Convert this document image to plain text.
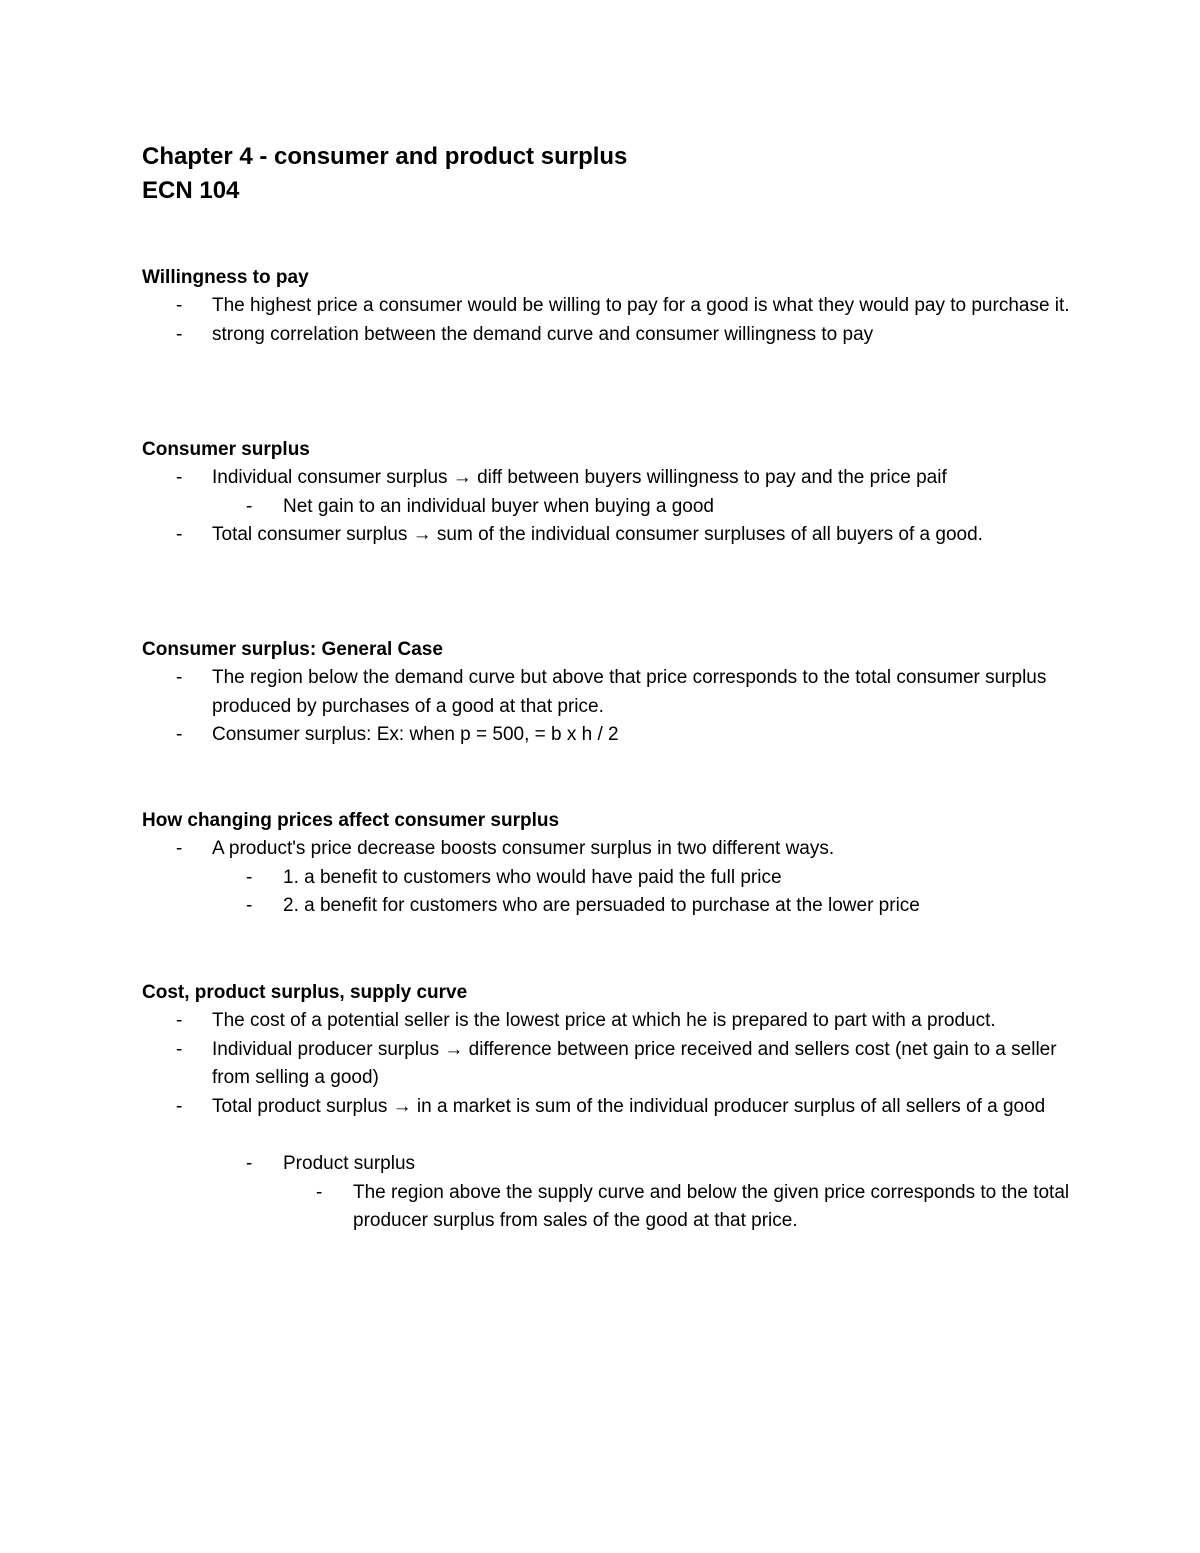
Chapter 4 - consumer and product surplus
ECN 104
Willingness to pay
- The highest price a consumer would be willing to pay for a good is what they would pay to purchase it.
- strong correlation between the demand curve and consumer willingness to pay
Consumer surplus
- Individual consumer surplus → diff between buyers willingness to pay and the price paif
- Net gain to an individual buyer when buying a good
- Total consumer surplus → sum of the individual consumer surpluses of all buyers of a good.
Consumer surplus: General Case
- The region below the demand curve but above that price corresponds to the total consumer surplus produced by purchases of a good at that price.
- Consumer surplus: Ex: when p = 500, = b x h / 2
How changing prices affect consumer surplus
- A product's price decrease boosts consumer surplus in two different ways.
- 1. a benefit to customers who would have paid the full price
- 2. a benefit for customers who are persuaded to purchase at the lower price
Cost, product surplus, supply curve
- The cost of a potential seller is the lowest price at which he is prepared to part with a product.
- Individual producer surplus → difference between price received and sellers cost (net gain to a seller from selling a good)
- Total product surplus → in a market is sum of the individual producer surplus of all sellers of a good
- Product surplus
- The region above the supply curve and below the given price corresponds to the total producer surplus from sales of the good at that price.
